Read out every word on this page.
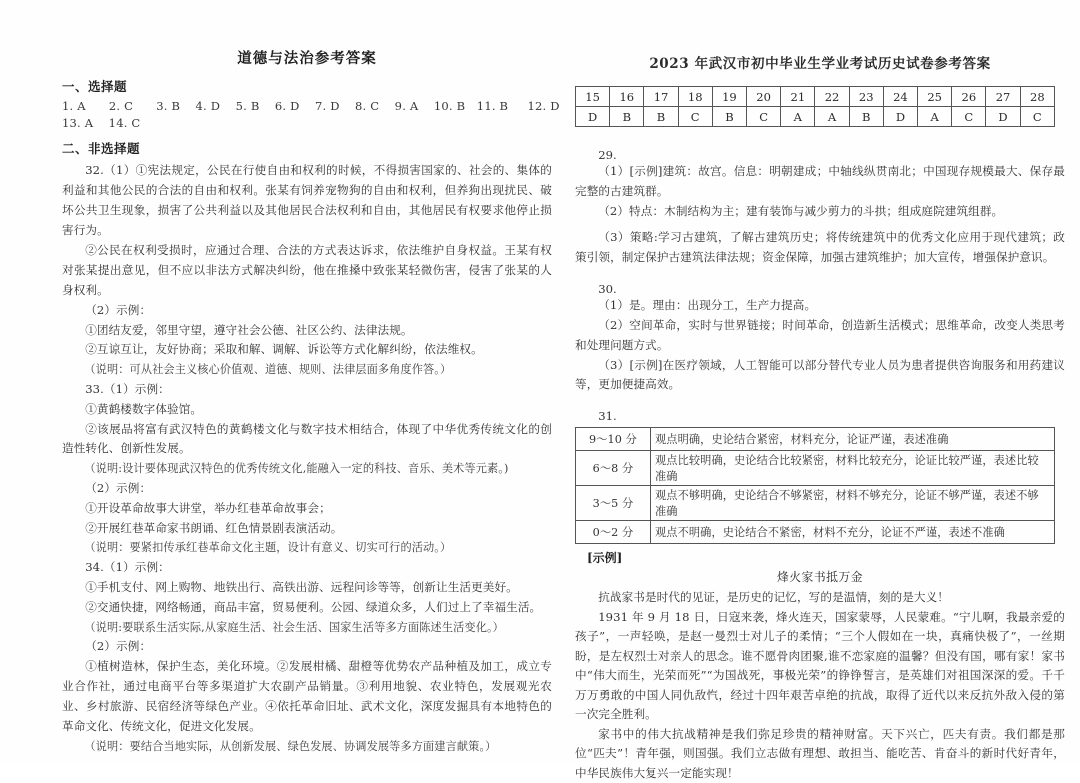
道德与法治参考答案
一、选择题
1. A      2. C      3. B    4. D    5. B    6. D    7. D    8. C    9. A    10. B   11. B     12. D
13. A    14. C
二、非选择题

32.（1）①宪法规定，公民在行使自由和权利的时候，不得损害国家的、社会的、集体的利益和其他公民的合法的自由和权利。张某有饲养宠物狗的自由和权利，但养狗出现扰民、破坏公共卫生现象，损害了公共利益以及其他居民合法权利和自由，其他居民有权要求他停止损害行为。

②公民在权利受损时，应通过合理、合法的方式表达诉求，依法维护自身权益。王某有权对张某提出意见，但不应以非法方式解决纠纷，他在推搡中致张某轻微伤害，侵害了张某的人身权利。

（2）示例：

①团结友爱，邻里守望，遵守社会公德、社区公约、法律法规。

②互谅互让，友好协商；采取和解、调解、诉讼等方式化解纠纷，依法维权。

（说明：可从社会主义核心价值观、道德、规则、法律层面多角度作答。）

33.（1）示例：

①黄鹤楼数字体验馆。

②该展品将富有武汉特色的黄鹤楼文化与数字技术相结合，体现了中华优秀传统文化的创造性转化、创新性发展。

（说明:设计要体现武汉特色的优秀传统文化,能融入一定的科技、音乐、美术等元素。)

（2）示例：

①开设革命故事大讲堂，举办红巷革命故事会；

②开展红巷革命家书朗诵、红色情景剧表演活动。

（说明：要紧扣传承红巷革命文化主题，设计有意义、切实可行的活动。）

34.（1）示例：

①手机支付、网上购物、地铁出行、高铁出游、远程问诊等等，创新让生活更美好。

②交通快捷，网络畅通，商品丰富，贸易便利。公园、绿道众多，人们过上了幸福生活。

（说明:要联系生活实际,从家庭生活、社会生活、国家生活等多方面陈述生活变化。）

（2）示例：

①植树造林，保护生态，美化环境。②发展柑橘、甜橙等优势农产品种植及加工，成立专业合作社，通过电商平台等多渠道扩大农副产品销量。③利用地貌、农业特色，发展观光农业、乡村旅游、民宿经济等绿色产业。④依托革命旧址、武术文化，深度发掘具有本地特色的革命文化、传统文化，促进文化发展。

（说明：要结合当地实际，从创新发展、绿色发展、协调发展等多方面建言献策。）

2023 年武汉市初中毕业生学业考试历史试卷参考答案
15	16	17	18	19	20	21	22	23	24	25	26	27	28
D	B	B	C	B	C	A	A	B	D	A	C	D	C

29.

（1）[示例]建筑：故宫。信息：明朝建成；中轴线纵贯南北；中国现存规模最大、保存最完整的古建筑群。

（2）特点：木制结构为主；建有装饰与减少剪力的斗拱；组成庭院建筑组群。

（3）策略:学习古建筑，了解古建筑历史；将传统建筑中的优秀文化应用于现代建筑；政策引领，制定保护古建筑法律法规；资金保障，加强古建筑维护；加大宣传，增强保护意识。

30.

（1）是。理由：出现分工，生产力提高。

（2）空间革命，实时与世界链接；时间革命，创造新生活模式；思维革命，改变人类思考和处理问题方式。

（3）[示例]在医疗领域，人工智能可以部分替代专业人员为患者提供咨询服务和用药建议等，更加便捷高效。

31.

9～10 分	观点明确，史论结合紧密，材料充分，论证严谨，表述准确
6～8 分	观点比较明确，史论结合比较紧密，材料比较充分，论证比较严谨，表述比较准确
3～5 分	观点不够明确，史论结合不够紧密，材料不够充分，论证不够严谨，表述不够准确
0～2 分	观点不明确，史论结合不紧密，材料不充分，论证不严谨，表述不准确
[示例]
烽火家书抵万金

抗战家书是时代的见证，是历史的记忆，写的是温情，刻的是大义！

1931 年 9 月 18 日，日寇来袭，烽火连天，国家蒙辱，人民蒙难。“宁儿啊，我最亲爱的孩子”，一声轻唤，是赵一曼烈士对儿子的柔情；“三个人假如在一块，真痛快极了”，一丝期盼，是左权烈士对亲人的思念。谁不愿骨肉团聚,谁不恋家庭的温馨？但没有国，哪有家！家书中“伟大而生，光荣而死”“为国战死，事极光荣”的铮铮誓言，是英雄们对祖国深深的爱。千千万万勇敢的中国人同仇敌忾，经过十四年艰苦卓绝的抗战，取得了近代以来反抗外敌入侵的第一次完全胜利。

家书中的伟大抗战精神是我们弥足珍贵的精神财富。天下兴亡，匹夫有责。我们都是那位“匹夫”！青年强，则国强。我们立志做有理想、敢担当、能吃苦、肯奋斗的新时代好青年，中华民族伟大复兴一定能实现！
